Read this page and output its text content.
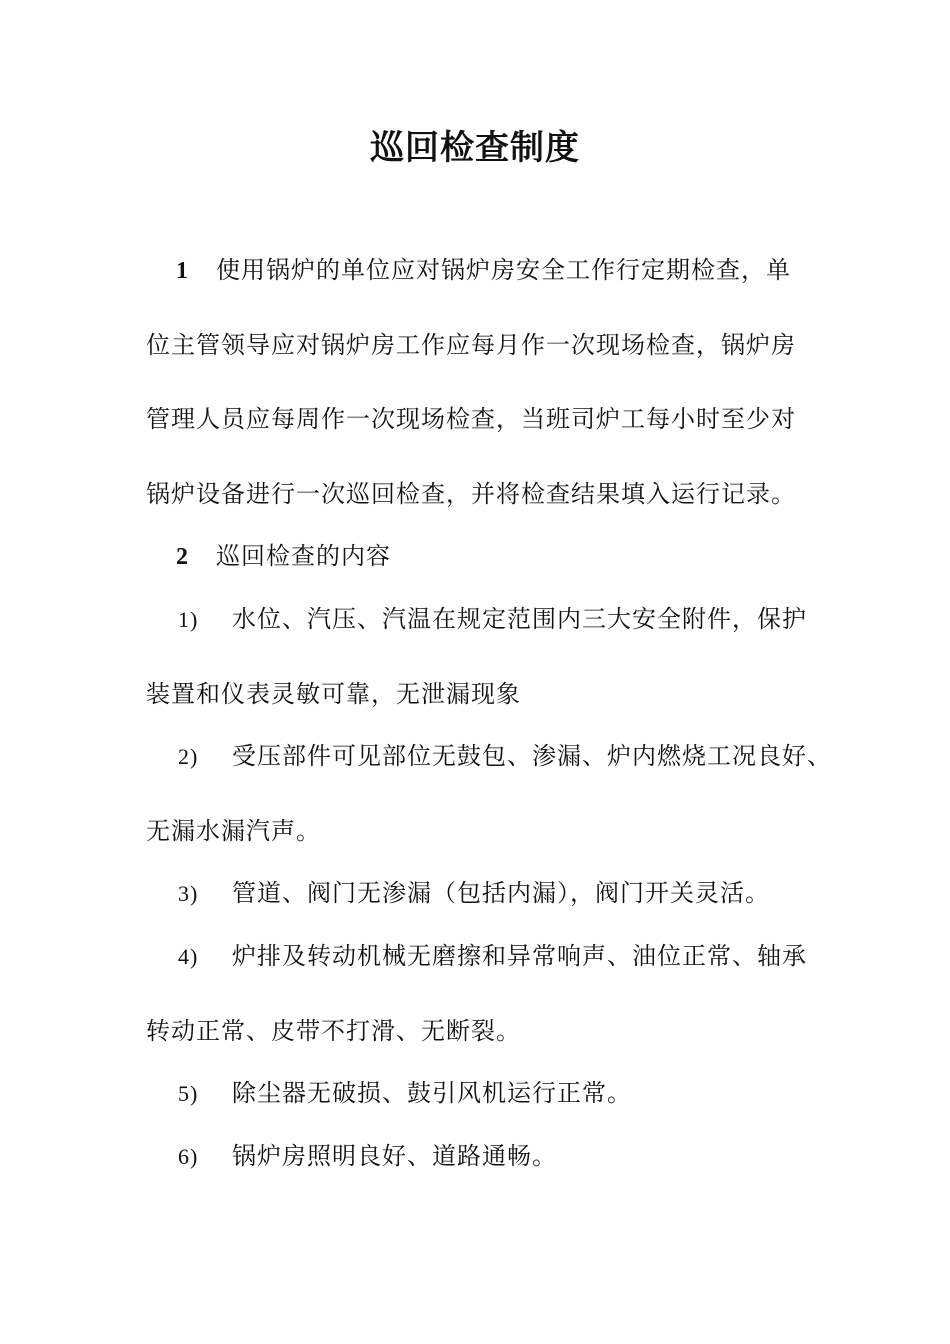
巡回检查制度
1 使用锅炉的单位应对锅炉房安全工作行定期检查，单
位主管领导应对锅炉房工作应每月作一次现场检查，锅炉房
管理人员应每周作一次现场检查，当班司炉工每小时至少对
锅炉设备进行一次巡回检查，并将检查结果填入运行记录。
2 巡回检查的内容
1) 水位、汽压、汽温在规定范围内三大安全附件，保护
装置和仪表灵敏可靠，无泄漏现象
2) 受压部件可见部位无鼓包、渗漏、炉内燃烧工况良好、
无漏水漏汽声。
3) 管道、阀门无渗漏（包括内漏），阀门开关灵活。
4) 炉排及转动机械无磨擦和异常响声、油位正常、轴承
转动正常、皮带不打滑、无断裂。
5) 除尘器无破损、鼓引风机运行正常。
6) 锅炉房照明良好、道路通畅。
